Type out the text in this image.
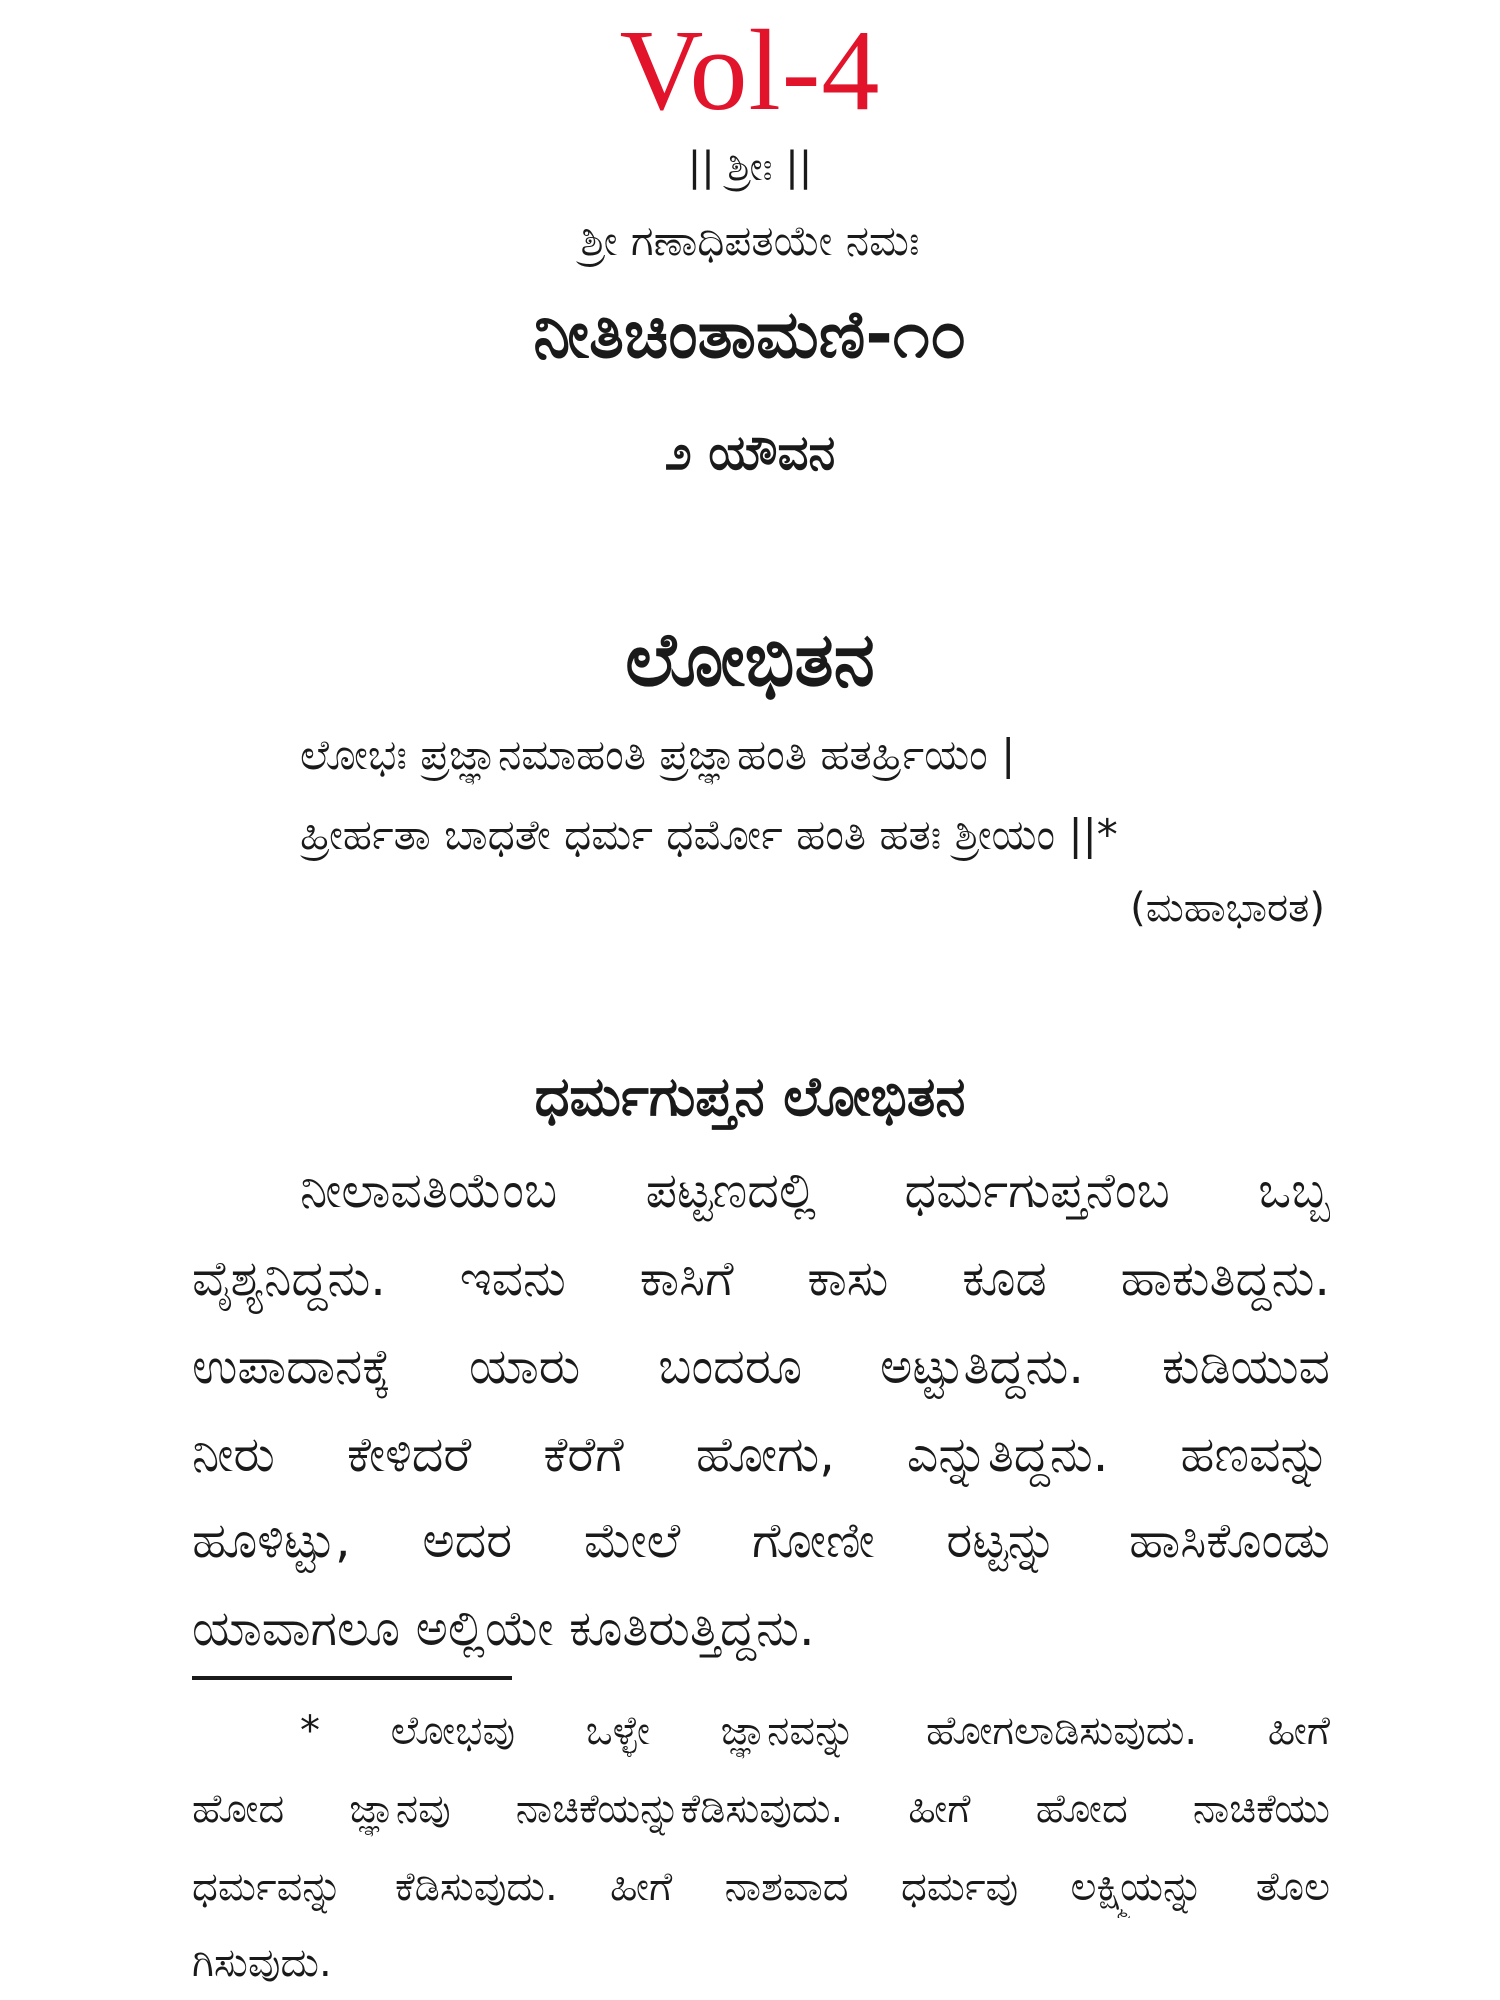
Vol-4
|| ಶ್ರೀಃ ||
ಶ್ರೀ ಗಣಾಧಿಪತಯೇ ನಮಃ
ನೀತಿಚಿಂತಾಮಣಿ-೧೦
೨ ಯೌವನ
ಲೋಭಿತನ
ಲೋಭಃ ಪ್ರಜ್ಞಾನಮಾಹಂತಿ ಪ್ರಜ್ಞಾಹಂತಿ ಹತರ್ಹ್ರಿಯಂ |
ಹ್ರೀರ್ಹತಾ ಬಾಧತೇ ಧರ್ಮ ಧರ್ಮೋ ಹಂತಿ ಹತಃ ಶ್ರೀಯಂ ||*
(ಮಹಾಭಾರತ)
ಧರ್ಮಗುಪ್ತನ ಲೋಭಿತನ
ನೀಲಾವತಿಯೆಂಬ ಪಟ್ಟಣದಲ್ಲಿ ಧರ್ಮಗುಪ್ತನೆಂಬ ಒಬ್ಬ
ವೈಶ್ಯನಿದ್ದನು. ಇವನು ಕಾಸಿಗೆ ಕಾಸು ಕೂಡ ಹಾಕುತಿದ್ದನು.
ಉಪಾದಾನಕ್ಕೆ ಯಾರು ಬಂದರೂ ಅಟ್ಟುತಿದ್ದನು. ಕುಡಿಯುವ
ನೀರು ಕೇಳಿದರೆ ಕೆರೆಗೆ ಹೋಗು, ಎನ್ನುತಿದ್ದನು. ಹಣವನ್ನು
ಹೂಳಿಟ್ಟು, ಅದರ ಮೇಲೆ ಗೋಣೀ ರಟ್ಟನ್ನು ಹಾಸಿಕೊಂಡು
ಯಾವಾಗಲೂ ಅಲ್ಲಿಯೇ ಕೂತಿರುತ್ತಿದ್ದನು.
* ಲೋಭವು ಒಳ್ಳೇ ಜ್ಞಾನವನ್ನು ಹೋಗಲಾಡಿಸುವುದು. ಹೀಗೆ
ಹೋದ ಜ್ಞಾನವು ನಾಚಿಕೆಯನ್ನುಕೆಡಿಸುವುದು. ಹೀಗೆ ಹೋದ ನಾಚಿಕೆಯು
ಧರ್ಮವನ್ನು ಕೆಡಿಸುವುದು. ಹೀಗೆ ನಾಶವಾದ ಧರ್ಮವು ಲಕ್ಷ್ಮಿಯನ್ನು ತೊಲ
ಗಿಸುವುದು.
